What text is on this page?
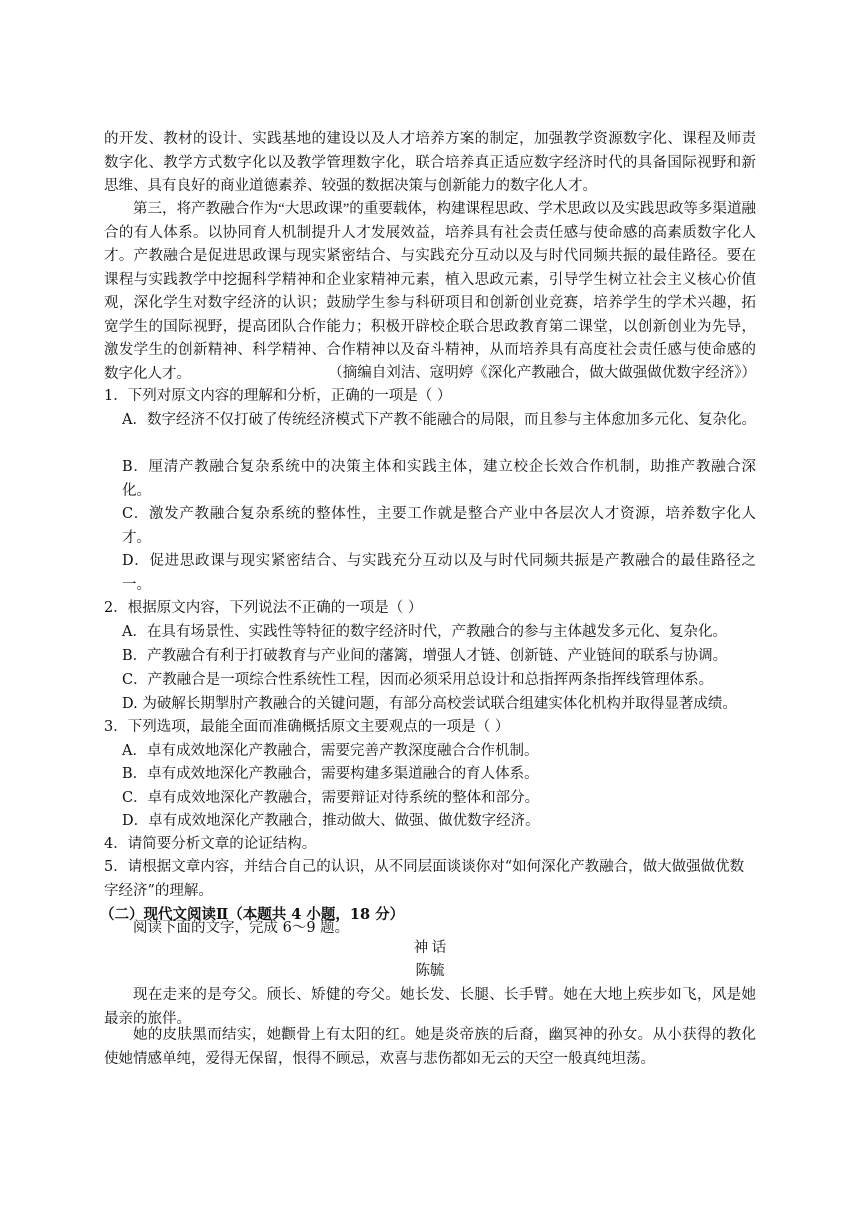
的开发、教材的设计、实践基地的建设以及人才培养方案的制定，加强教学资源数字化、课程及师责数字化、教学方式数字化以及教学管理数字化，联合培养真正适应数字经济时代的具备国际视野和新思维、具有良好的商业道德素养、较强的数据决策与创新能力的数字化人才。
第三，将产教融合作为“大思政课”的重要载体，构建课程思政、学术思政以及实践思政等多渠道融合的有人体系。以协同育人机制提升人才发展效益，培养具有社会责任感与使命感的高素质数字化人才。产教融合是促进思政课与现实紧密结合、与实践充分互动以及与时代同频共振的最佳路径。要在课程与实践教学中挖掘科学精神和企业家精神元素，植入思政元素，引导学生树立社会主义核心价值观，深化学生对数字经济的认识；鼓励学生参与科研项目和创新创业竞赛，培养学生的学术兴趣，拓宽学生的国际视野，提高团队合作能力；积极开辟校企联合思政教育第二课堂，以创新创业为先导，激发学生的创新精神、科学精神、合作精神以及奋斗精神，从而培养具有高度社会责任感与使命感的数字化人才。	（摘编自刘洁、寇明婷《深化产教融合，做大做强做优数字经济》）
1．下列对原文内容的理解和分析，正确的一项是（ ）
A．数字经济不仅打破了传统经济模式下产教不能融合的局限，而且参与主体愈加多元化、复杂化。
B．厘清产教融合复杂系统中的决策主体和实践主体，建立校企长效合作机制，助推产教融合深化。
C．激发产教融合复杂系统的整体性，主要工作就是整合产业中各层次人才资源，培养数字化人才。
D．促进思政课与现实紧密结合、与实践充分互动以及与时代同频共振是产教融合的最佳路径之一。
2．根据原文内容，下列说法不正确的一项是（ ）
A．在具有场景性、实践性等特征的数字经济时代，产教融合的参与主体越发多元化、复杂化。
B．产教融合有利于打破教育与产业间的藩篱，增强人才链、创新链、产业链间的联系与协调。
C．产教融合是一项综合性系统性工程，因而必须采用总设计和总指挥两条指挥线管理体系。
D. 为破解长期掣肘产教融合的关键问题，有部分高校尝试联合组建实体化机构并取得显著成绩。
3．下列选项，最能全面而准确概括原文主要观点的一项是（ ）
A．卓有成效地深化产教融合，需要完善产教深度融合合作机制。
B．卓有成效地深化产教融合，需要构建多渠道融合的育人体系。
C．卓有成效地深化产教融合，需要辩证对待系统的整体和部分。
D．卓有成效地深化产教融合，推动做大、做强、做优数字经济。
4．请简要分析文章的论证结构。
5．请根据文章内容，并结合自己的认识，从不同层面谈谈你对“如何深化产教融合，做大做强做优数字经济”的理解。
（二）现代文阅读Ⅱ（本题共 4 小题，18 分）
阅读下面的文字，完成 6～9 题。
神 话
陈毓
现在走来的是夸父。颀长、矫健的夸父。她长发、长腿、长手臂。她在大地上疾步如飞，风是她最亲的旅伴。
她的皮肤黑而结实，她颧骨上有太阳的红。她是炎帝族的后裔，幽冥神的孙女。从小获得的教化使她情感单纯，爱得无保留，恨得不顾忌，欢喜与悲伤都如无云的天空一般真纯坦荡。
